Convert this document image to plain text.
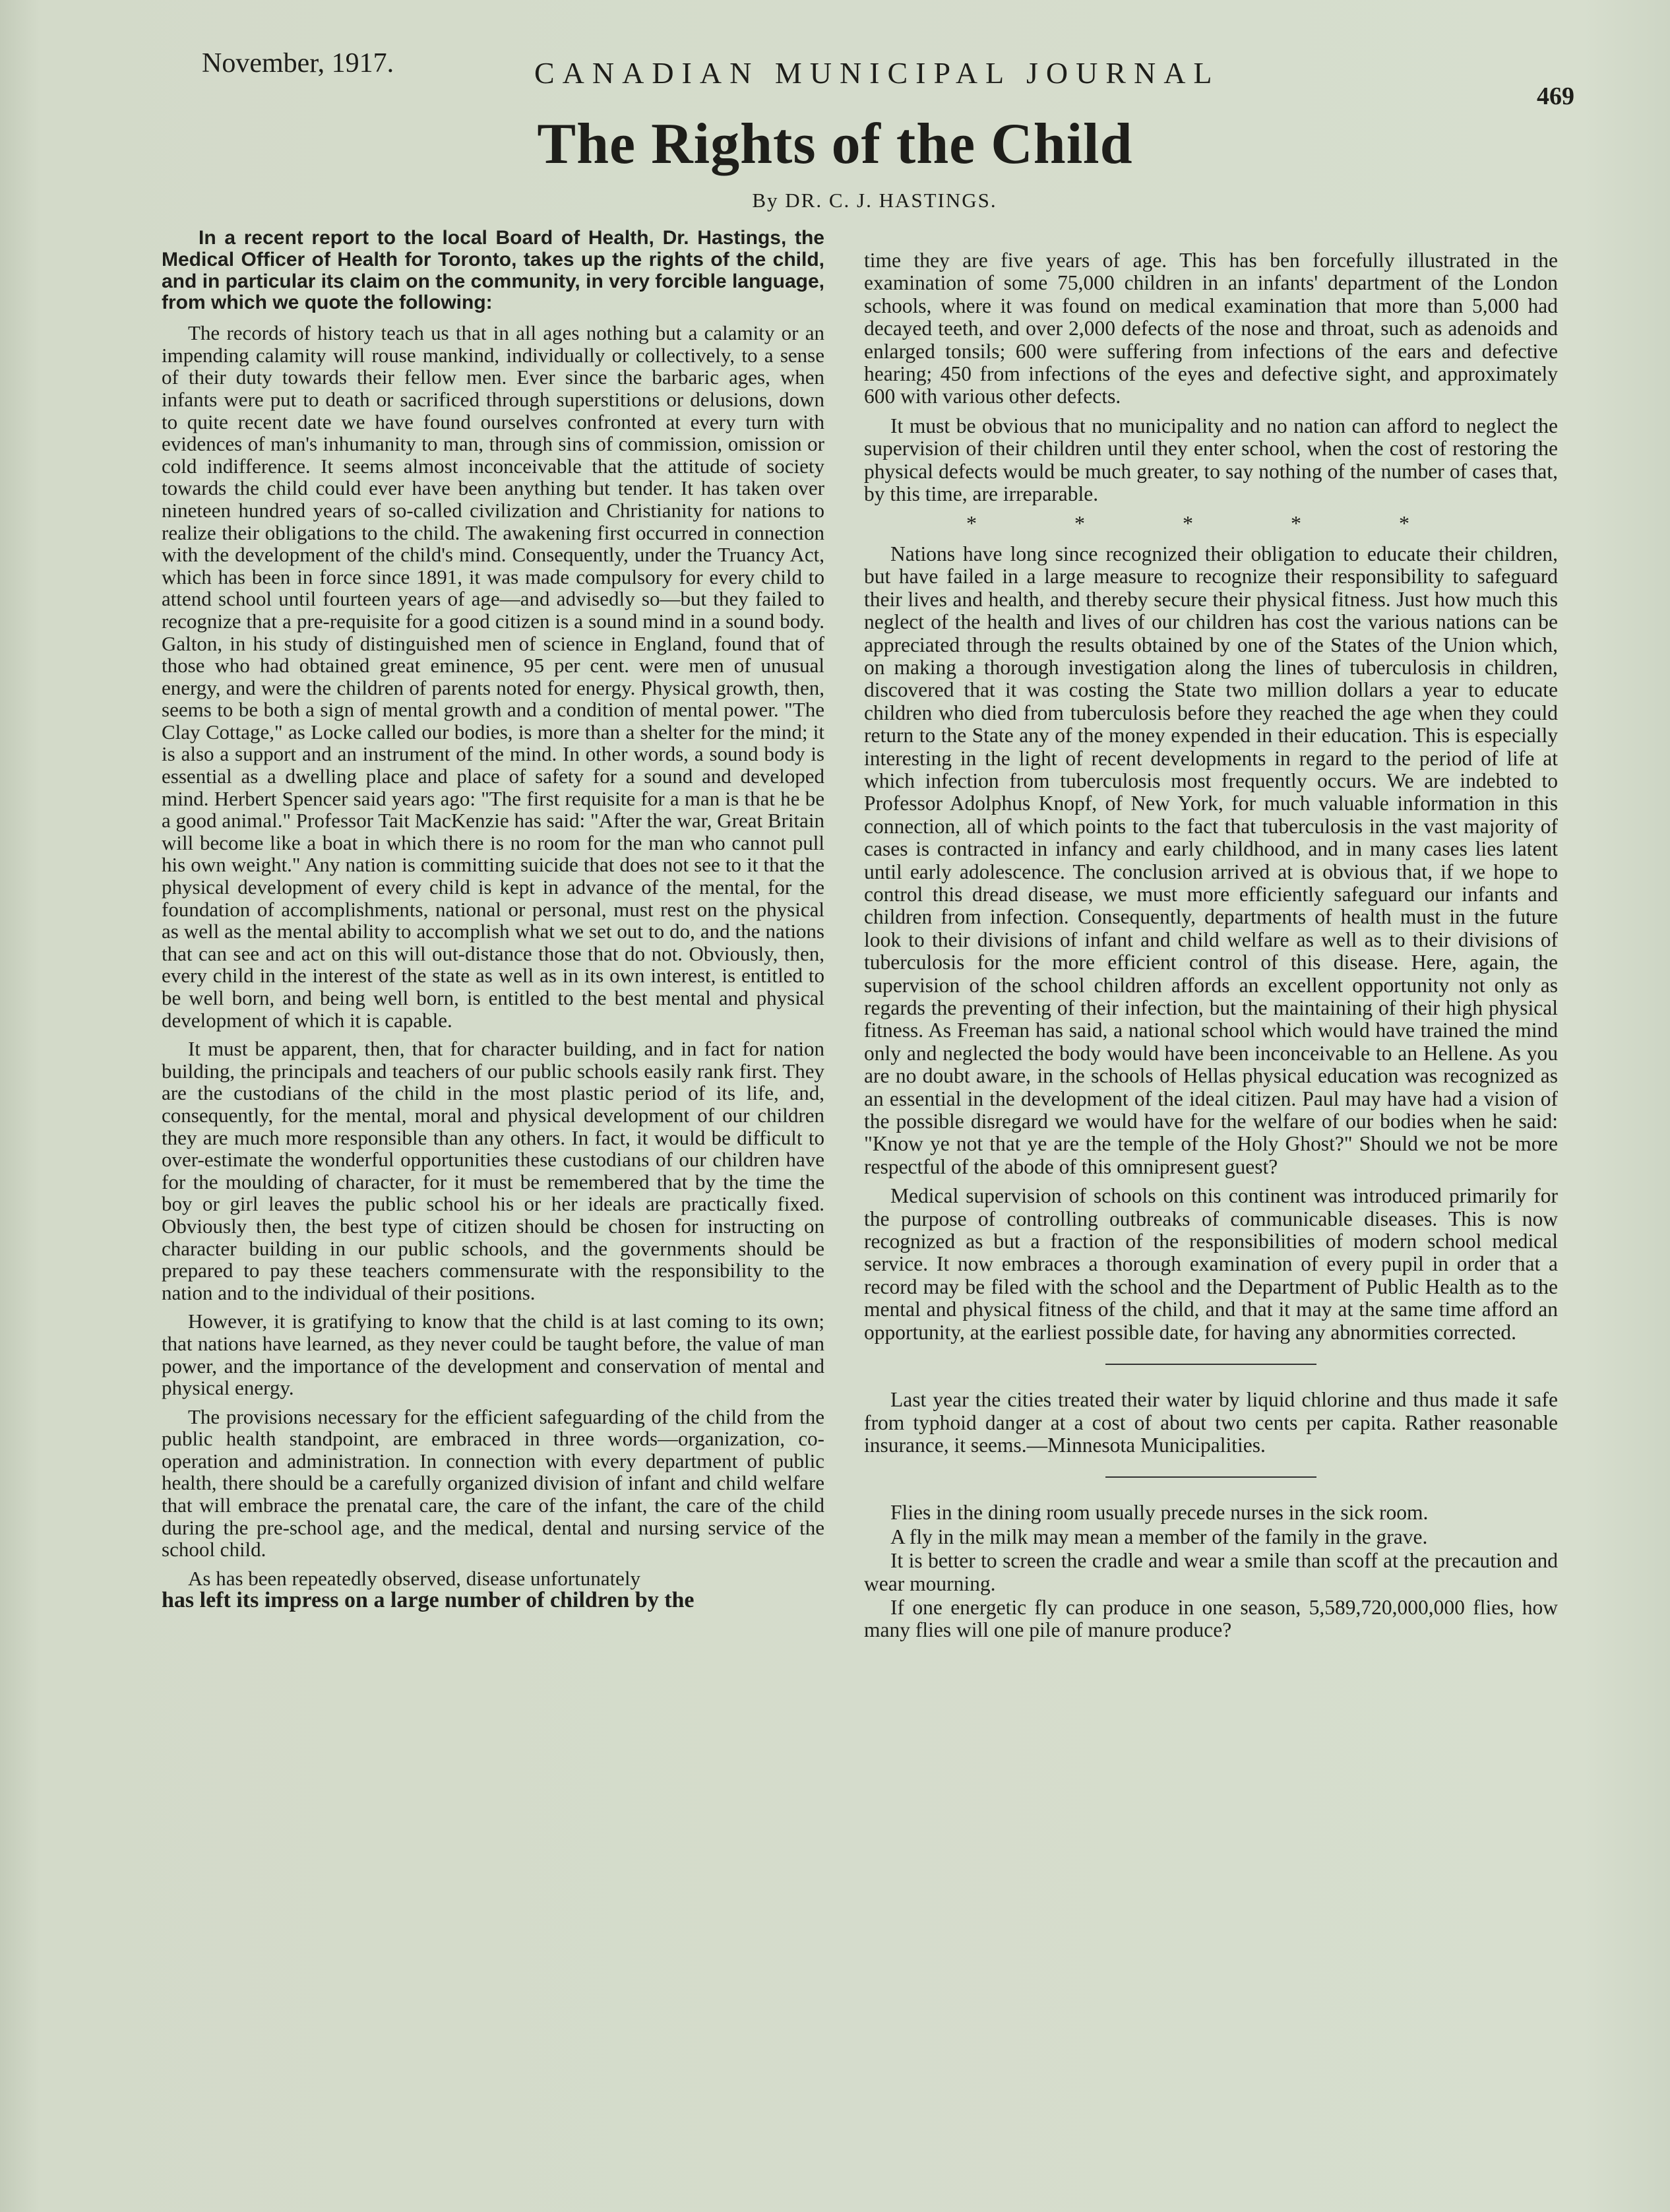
November, 1917.	CANADIAN MUNICIPAL JOURNAL
469
The Rights of the Child
By DR. C. J. HASTINGS.

In a recent report to the local Board of Health, Dr. Hastings, the Medical Officer of Health for Toronto, takes up the rights of the child, and in particular its claim on the community, in very forcible language, from which we quote the following:

The records of history teach us that in all ages nothing but a calamity or an impending calamity will rouse mankind, individually or collectively, to a sense of their duty towards their fellow men. Ever since the barbaric ages, when infants were put to death or sacrificed through superstitions or delusions, down to quite recent date we have found ourselves confronted at every turn with evidences of man's inhumanity to man, through sins of commission, omission or cold indifference. It seems almost inconceivable that the attitude of society towards the child could ever have been anything but tender. It has taken over nineteen hundred years of so-called civilization and Christianity for nations to realize their obligations to the child. The awakening first occurred in connection with the development of the child's mind. Consequently, under the Truancy Act, which has been in force since 1891, it was made compulsory for every child to attend school until fourteen years of age—and advisedly so—but they failed to recognize that a pre-requisite for a good citizen is a sound mind in a sound body. Galton, in his study of distinguished men of science in England, found that of those who had obtained great eminence, 95 per cent. were men of unusual energy, and were the children of parents noted for energy. Physical growth, then, seems to be both a sign of mental growth and a condition of mental power. "The Clay Cottage," as Locke called our bodies, is more than a shelter for the mind; it is also a support and an instrument of the mind. In other words, a sound body is essential as a dwelling place and place of safety for a sound and developed mind. Herbert Spencer said years ago: "The first requisite for a man is that he be a good animal." Professor Tait MacKenzie has said: "After the war, Great Britain will become like a boat in which there is no room for the man who cannot pull his own weight." Any nation is committing suicide that does not see to it that the physical development of every child is kept in advance of the mental, for the foundation of accomplishments, national or personal, must rest on the physical as well as the mental ability to accomplish what we set out to do, and the nations that can see and act on this will out-distance those that do not. Obviously, then, every child in the interest of the state as well as in its own interest, is entitled to be well born, and being well born, is entitled to the best mental and physical development of which it is capable.

It must be apparent, then, that for character building, and in fact for nation building, the principals and teachers of our public schools easily rank first. They are the custodians of the child in the most plastic period of its life, and, consequently, for the mental, moral and physical development of our children they are much more responsible than any others. In fact, it would be difficult to over-estimate the wonderful opportunities these custodians of our children have for the moulding of character, for it must be remembered that by the time the boy or girl leaves the public school his or her ideals are practically fixed. Obviously then, the best type of citizen should be chosen for instructing on character building in our public schools, and the governments should be prepared to pay these teachers commensurate with the responsibility to the nation and to the individual of their positions.

However, it is gratifying to know that the child is at last coming to its own; that nations have learned, as they never could be taught before, the value of man power, and the importance of the development and conservation of mental and physical energy.

The provisions necessary for the efficient safeguarding of the child from the public health standpoint, are embraced in three words—organization, co-operation and administration. In connection with every department of public health, there should be a carefully organized division of infant and child welfare that will embrace the prenatal care, the care of the infant, the care of the child during the pre-school age, and the medical, dental and nursing service of the school child.

As has been repeatedly observed, disease unfortunately

has left its impress on a large number of children by the

time they are five years of age. This has ben forcefully illustrated in the examination of some 75,000 children in an infants' department of the London schools, where it was found on medical examination that more than 5,000 had decayed teeth, and over 2,000 defects of the nose and throat, such as adenoids and enlarged tonsils; 600 were suffering from infections of the ears and defective hearing; 450 from infections of the eyes and defective sight, and approximately 600 with various other defects.

It must be obvious that no municipality and no nation can afford to neglect the supervision of their children until they enter school, when the cost of restoring the physical defects would be much greater, to say nothing of the number of cases that, by this time, are irreparable.

* * * * *

Nations have long since recognized their obligation to educate their children, but have failed in a large measure to recognize their responsibility to safeguard their lives and health, and thereby secure their physical fitness. Just how much this neglect of the health and lives of our children has cost the various nations can be appreciated through the results obtained by one of the States of the Union which, on making a thorough investigation along the lines of tuberculosis in children, discovered that it was costing the State two million dollars a year to educate children who died from tuberculosis before they reached the age when they could return to the State any of the money expended in their education. This is especially interesting in the light of recent developments in regard to the period of life at which infection from tuberculosis most frequently occurs. We are indebted to Professor Adolphus Knopf, of New York, for much valuable information in this connection, all of which points to the fact that tuberculosis in the vast majority of cases is contracted in infancy and early childhood, and in many cases lies latent until early adolescence. The conclusion arrived at is obvious that, if we hope to control this dread disease, we must more efficiently safeguard our infants and children from infection. Consequently, departments of health must in the future look to their divisions of infant and child welfare as well as to their divisions of tuberculosis for the more efficient control of this disease. Here, again, the supervision of the school children affords an excellent opportunity not only as regards the preventing of their infection, but the maintaining of their high physical fitness. As Freeman has said, a national school which would have trained the mind only and neglected the body would have been inconceivable to an Hellene. As you are no doubt aware, in the schools of Hellas physical education was recognized as an essential in the development of the ideal citizen. Paul may have had a vision of the possible disregard we would have for the welfare of our bodies when he said: "Know ye not that ye are the temple of the Holy Ghost?" Should we not be more respectful of the abode of this omnipresent guest?

Medical supervision of schools on this continent was introduced primarily for the purpose of controlling outbreaks of communicable diseases. This is now recognized as but a fraction of the responsibilities of modern school medical service. It now embraces a thorough examination of every pupil in order that a record may be filed with the school and the Department of Public Health as to the mental and physical fitness of the child, and that it may at the same time afford an opportunity, at the earliest possible date, for having any abnormities corrected.

Last year the cities treated their water by liquid chlorine and thus made it safe from typhoid danger at a cost of about two cents per capita. Rather reasonable insurance, it seems.—Minnesota Municipalities.

Flies in the dining room usually precede nurses in the sick room.

A fly in the milk may mean a member of the family in the grave.

It is better to screen the cradle and wear a smile than scoff at the precaution and wear mourning.

If one energetic fly can produce in one season, 5,589,720,000,000 flies, how many flies will one pile of manure produce?
